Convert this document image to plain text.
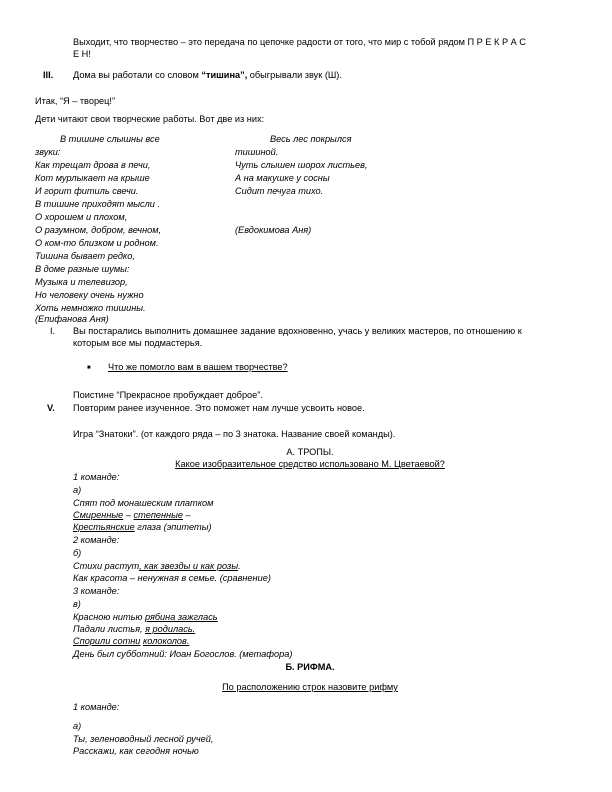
Выходит, что творчество – это передача по цепочке радости от того, что мир с тобой рядом П Р Е К Р А С
Е Н!
III. Дома вы работали со словом “тишина”, обыгрывали звук (Ш).
Итак, “Я – творец!”
Дети читают свои творческие работы. Вот две из них:
В тишине слышны все
звуки:
Как трещат дрова в печи,
Кот мурлыкает на крыше
И горит фитиль свечи.
В тишине приходят мысли .
О хорошем и плохом,
О разумном, добром, вечном,
О ком-то близком и родном.
Тишина бывает редко,
В доме разные шумы:
Музыка и телевизор,
Но человеку очень нужно
Хоть немножко тишины.
(Епифанова Аня)
Весь лес покрылся
тишиной.
Чуть слышен шорох листьев,
А на макушке у сосны
Сидит печуга тихо.
(Евдокимова Аня)
I. Вы постарались выполнить домашнее задание вдохновенно, учась у великих мастеров, по отношению к
которым все мы подмастерья.
■ Что же помогло вам в вашем творчестве?
Поистине “Прекрасное пробуждает доброе”.
V. Повторим ранее изученное. Это поможет нам лучше усвоить новое.
Игра “Знатоки”. (от каждого ряда – по 3 знатока. Название своей команды).
А. ТРОПЫ.
Какое изобразительное средство использовано М. Цветаевой?
1 команде:
а)
Спят под монашеским платком
Смиренные – степенные –
Крестьянские глаза (эпитеты)
2 команде:
б)
Стихи растут, как звезды и как розы.
Как красота – ненужная в семье. (сравнение)
3 команде:
в)
Красною нитью рябина зажглась
Падали листья, я родилась.
Спорили сотни колоколов.
День был субботний: Иоан Богослов. (метафора)
Б. РИФМА.
По расположению строк назовите рифму
1 команде:
а)
Ты, зеленоводный лесной ручей,
Расскажи, как сегодня ночью
